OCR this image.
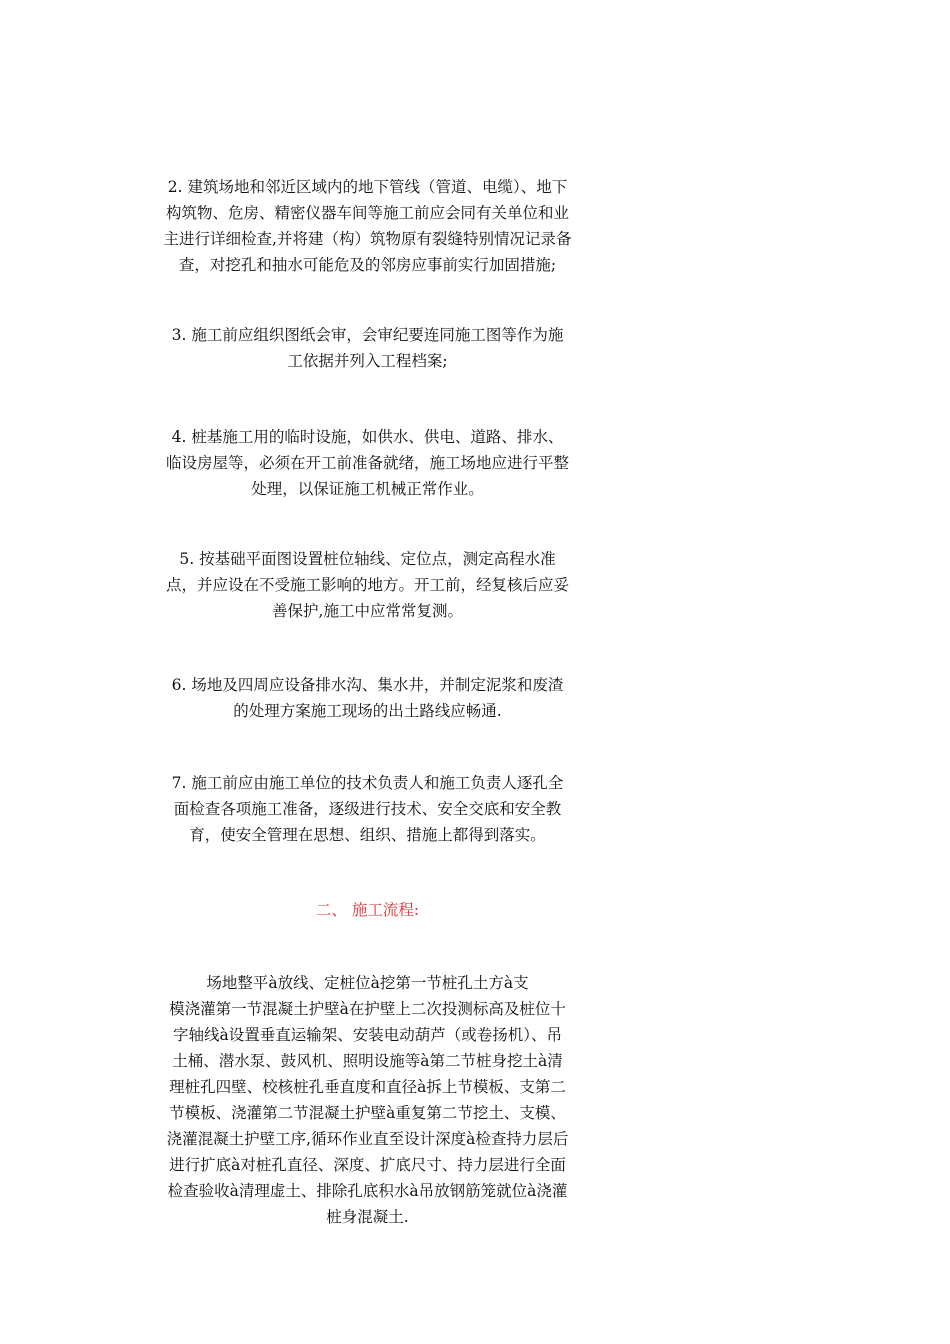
2. 建筑场地和邻近区域内的地下管线（管道、电缆）、地下
构筑物、危房、精密仪器车间等施工前应会同有关单位和业
主进行详细检查,并将建（构）筑物原有裂缝特别情况记录备
查，对挖孔和抽水可能危及的邻房应事前实行加固措施;

3. 施工前应组织图纸会审，会审纪要连同施工图等作为施
工依据并列入工程档案;

4. 桩基施工用的临时设施，如供水、供电、道路、排水、
临设房屋等，必须在开工前准备就绪，施工场地应进行平整
处理，以保证施工机械正常作业。

5. 按基础平面图设置桩位轴线、定位点，测定高程水准
点，并应设在不受施工影响的地方。开工前，经复核后应妥
善保护,施工中应常常复测。

6. 场地及四周应设备排水沟、集水井，并制定泥浆和废渣
的处理方案施工现场的出土路线应畅通.

7. 施工前应由施工单位的技术负责人和施工负责人逐孔全
面检查各项施工准备，逐级进行技术、安全交底和安全教
育，使安全管理在思想、组织、措施上都得到落实。

二、 施工流程:

场地整平à放线、定桩位à挖第一节桩孔土方à支
模浇灌第一节混凝土护壁à在护壁上二次投测标高及桩位十
字轴线à设置垂直运输架、安装电动葫芦（或卷扬机）、吊
土桶、潜水泵、鼓风机、照明设施等à第二节桩身挖土à清
理桩孔四壁、校核桩孔垂直度和直径à拆上节模板、支第二
节模板、浇灌第二节混凝土护壁à重复第二节挖土、支模、
浇灌混凝土护壁工序,循环作业直至设计深度à检查持力层后
进行扩底à对桩孔直径、深度、扩底尺寸、持力层进行全面
检查验收à清理虚土、排除孔底积水à吊放钢筋笼就位à浇灌
桩身混凝土.
